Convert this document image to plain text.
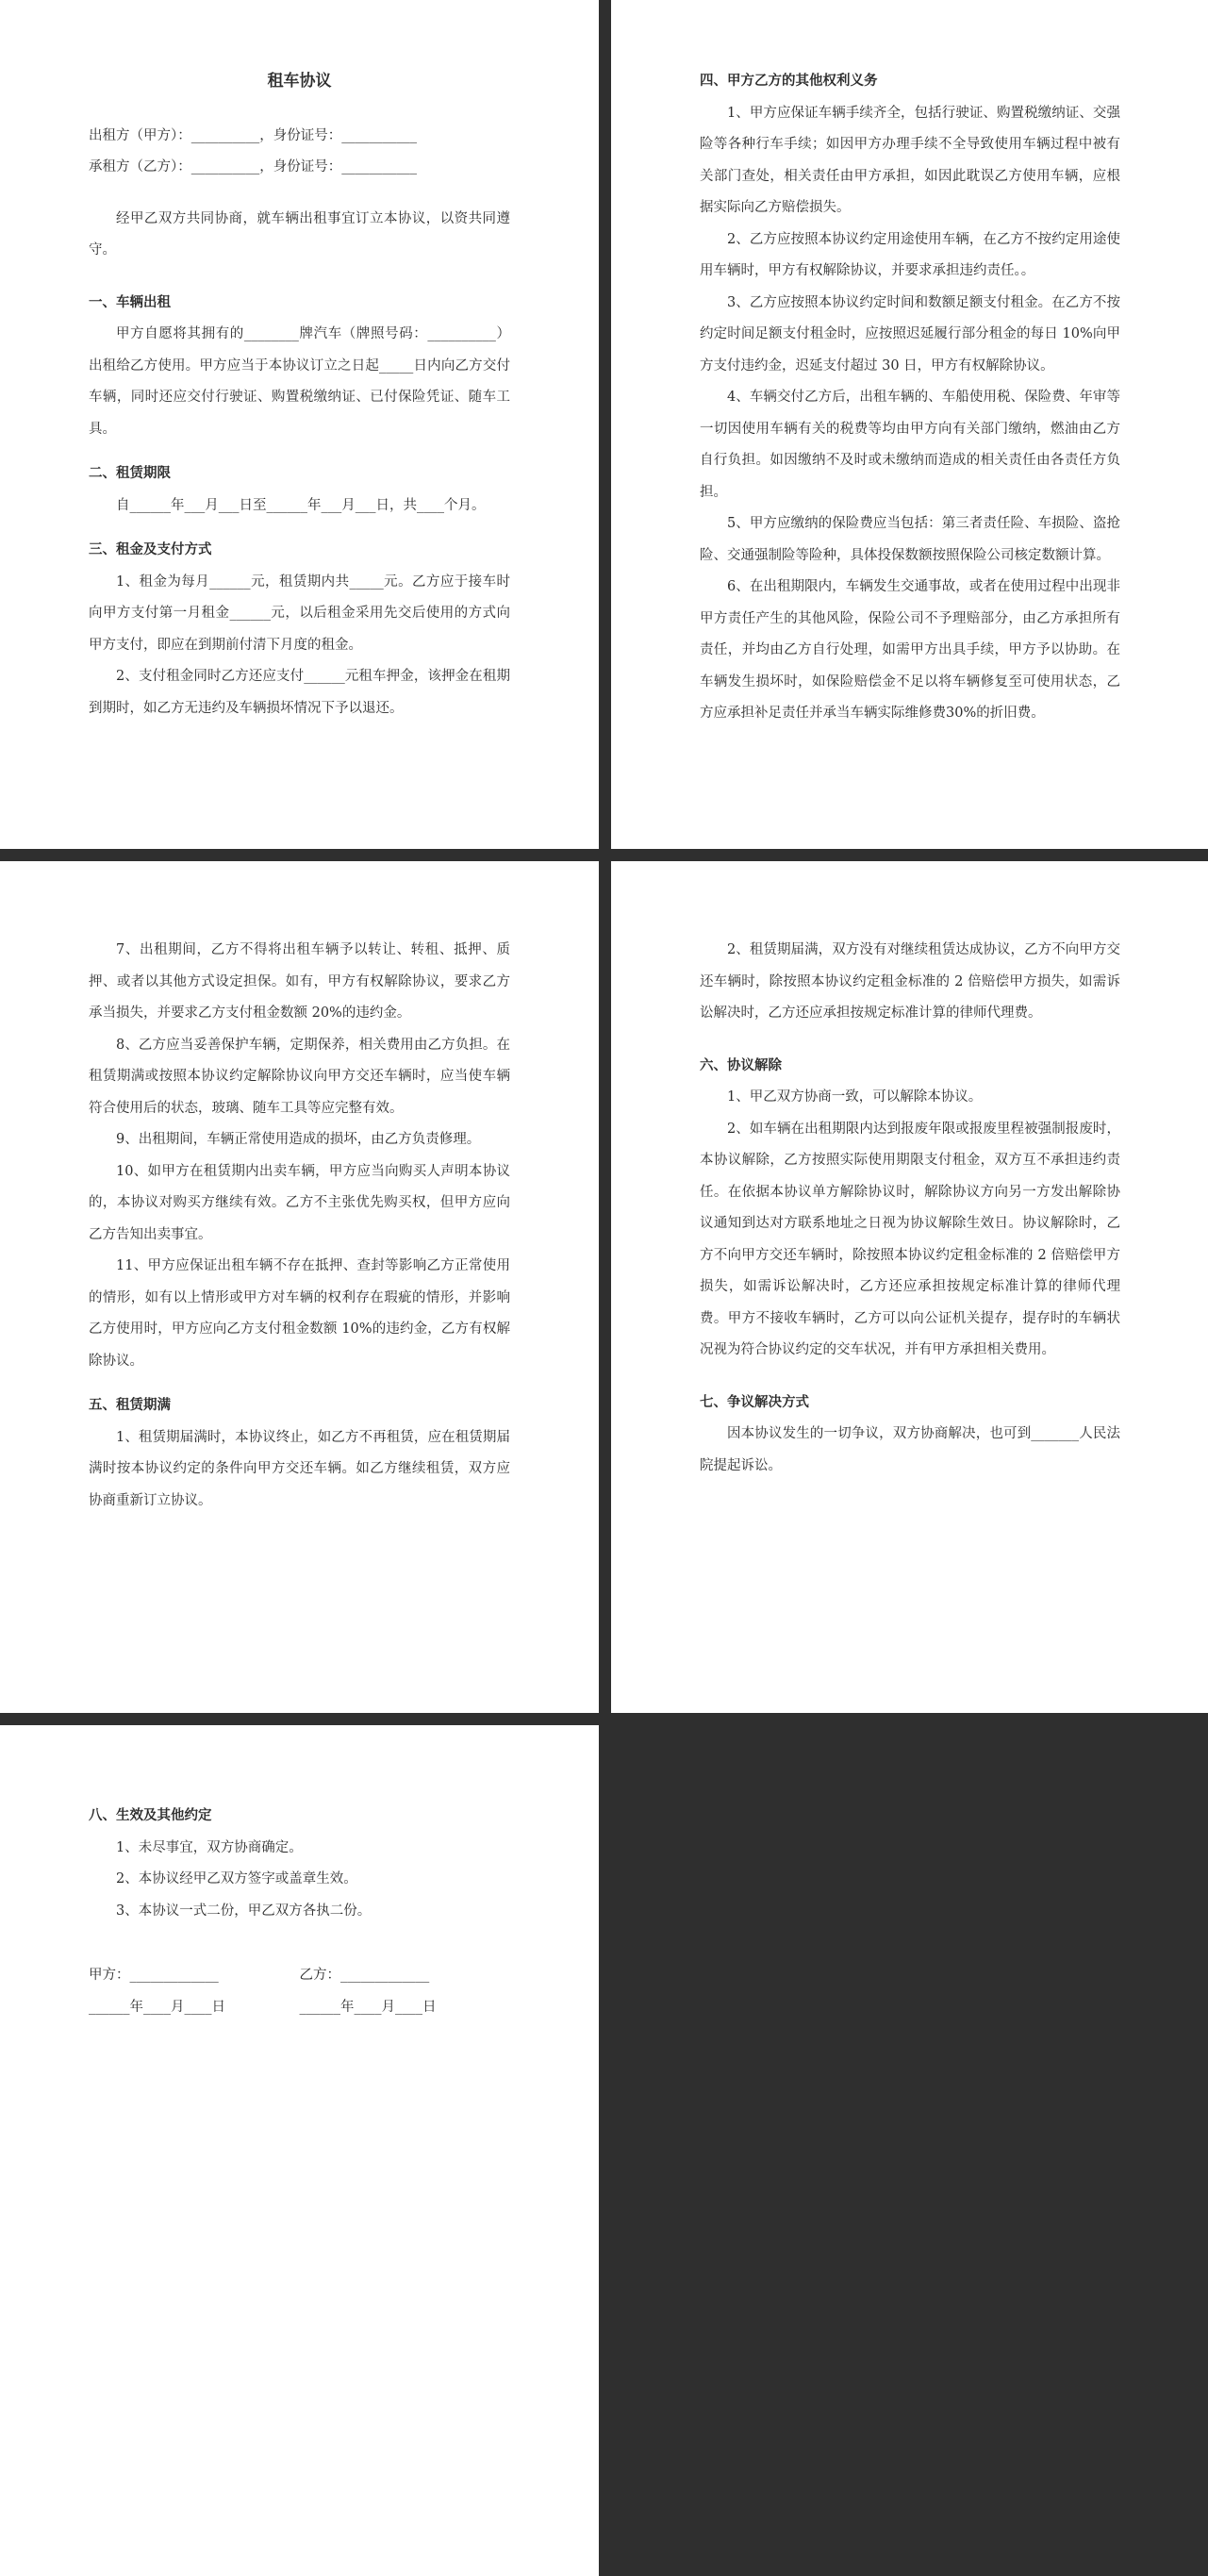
租车协议

出租方（甲方）：__________，身份证号：___________

承租方（乙方）：__________，身份证号：___________

经甲乙双方共同协商，就车辆出租事宜订立本协议，以资共同遵守。

一、车辆出租

甲方自愿将其拥有的________牌汽车（牌照号码：__________）出租给乙方使用。甲方应当于本协议订立之日起_____日内向乙方交付车辆，同时还应交付行驶证、购置税缴纳证、已付保险凭证、随车工具。

二、租赁期限

自______年___月___日至______年___月___日，共____个月。

三、租金及支付方式

1、租金为每月______元，租赁期内共_____元。乙方应于接车时向甲方支付第一月租金______元，以后租金采用先交后使用的方式向甲方支付，即应在到期前付清下月度的租金。

2、支付租金同时乙方还应支付______元租车押金，该押金在租期到期时，如乙方无违约及车辆损坏情况下予以退还。

四、甲方乙方的其他权利义务

1、甲方应保证车辆手续齐全，包括行驶证、购置税缴纳证、交强险等各种行车手续；如因甲方办理手续不全导致使用车辆过程中被有关部门查处，相关责任由甲方承担，如因此耽误乙方使用车辆，应根据实际向乙方赔偿损失。

2、乙方应按照本协议约定用途使用车辆，在乙方不按约定用途使用车辆时，甲方有权解除协议，并要求承担违约责任。。

3、乙方应按照本协议约定时间和数额足额支付租金。在乙方不按约定时间足额支付租金时，应按照迟延履行部分租金的每日 10%向甲方支付违约金，迟延支付超过 30 日，甲方有权解除协议。

4、车辆交付乙方后，出租车辆的、车船使用税、保险费、年审等一切因使用车辆有关的税费等均由甲方向有关部门缴纳，燃油由乙方自行负担。如因缴纳不及时或未缴纳而造成的相关责任由各责任方负担。

5、甲方应缴纳的保险费应当包括：第三者责任险、车损险、盗抢险、交通强制险等险种，具体投保数额按照保险公司核定数额计算。

6、在出租期限内，车辆发生交通事故，或者在使用过程中出现非甲方责任产生的其他风险，保险公司不予理赔部分，由乙方承担所有责任，并均由乙方自行处理，如需甲方出具手续，甲方予以协助。在车辆发生损坏时，如保险赔偿金不足以将车辆修复至可使用状态，乙方应承担补足责任并承当车辆实际维修费30%的折旧费。

7、出租期间，乙方不得将出租车辆予以转让、转租、抵押、质押、或者以其他方式设定担保。如有，甲方有权解除协议，要求乙方承当损失，并要求乙方支付租金数额 20%的违约金。

8、乙方应当妥善保护车辆，定期保养，相关费用由乙方负担。在租赁期满或按照本协议约定解除协议向甲方交还车辆时，应当使车辆符合使用后的状态，玻璃、随车工具等应完整有效。

9、出租期间，车辆正常使用造成的损坏，由乙方负责修理。

10、如甲方在租赁期内出卖车辆，甲方应当向购买人声明本协议的，本协议对购买方继续有效。乙方不主张优先购买权，但甲方应向乙方告知出卖事宜。

11、甲方应保证出租车辆不存在抵押、查封等影响乙方正常使用的情形，如有以上情形或甲方对车辆的权利存在瑕疵的情形，并影响乙方使用时，甲方应向乙方支付租金数额 10%的违约金，乙方有权解除协议。

五、租赁期满

1、租赁期届满时，本协议终止，如乙方不再租赁，应在租赁期届满时按本协议约定的条件向甲方交还车辆。如乙方继续租赁，双方应协商重新订立协议。

2、租赁期届满，双方没有对继续租赁达成协议，乙方不向甲方交还车辆时，除按照本协议约定租金标准的 2 倍赔偿甲方损失，如需诉讼解决时，乙方还应承担按规定标准计算的律师代理费。

六、协议解除

1、甲乙双方协商一致，可以解除本协议。

2、如车辆在出租期限内达到报废年限或报废里程被强制报废时，本协议解除，乙方按照实际使用期限支付租金，双方互不承担违约责任。在依据本协议单方解除协议时，解除协议方向另一方发出解除协议通知到达对方联系地址之日视为协议解除生效日。协议解除时，乙方不向甲方交还车辆时，除按照本协议约定租金标准的 2 倍赔偿甲方损失，如需诉讼解决时，乙方还应承担按规定标准计算的律师代理费。甲方不接收车辆时，乙方可以向公证机关提存，提存时的车辆状况视为符合协议约定的交车状况，并有甲方承担相关费用。

七、争议解决方式

因本协议发生的一切争议，双方协商解决，也可到_______人民法院提起诉讼。

八、生效及其他约定

1、未尽事宜，双方协商确定。

2、本协议经甲乙双方签字或盖章生效。

3、本协议一式二份，甲乙双方各执二份。

甲方：_____________	乙方：_____________
______年____月____日	______年____月____日
